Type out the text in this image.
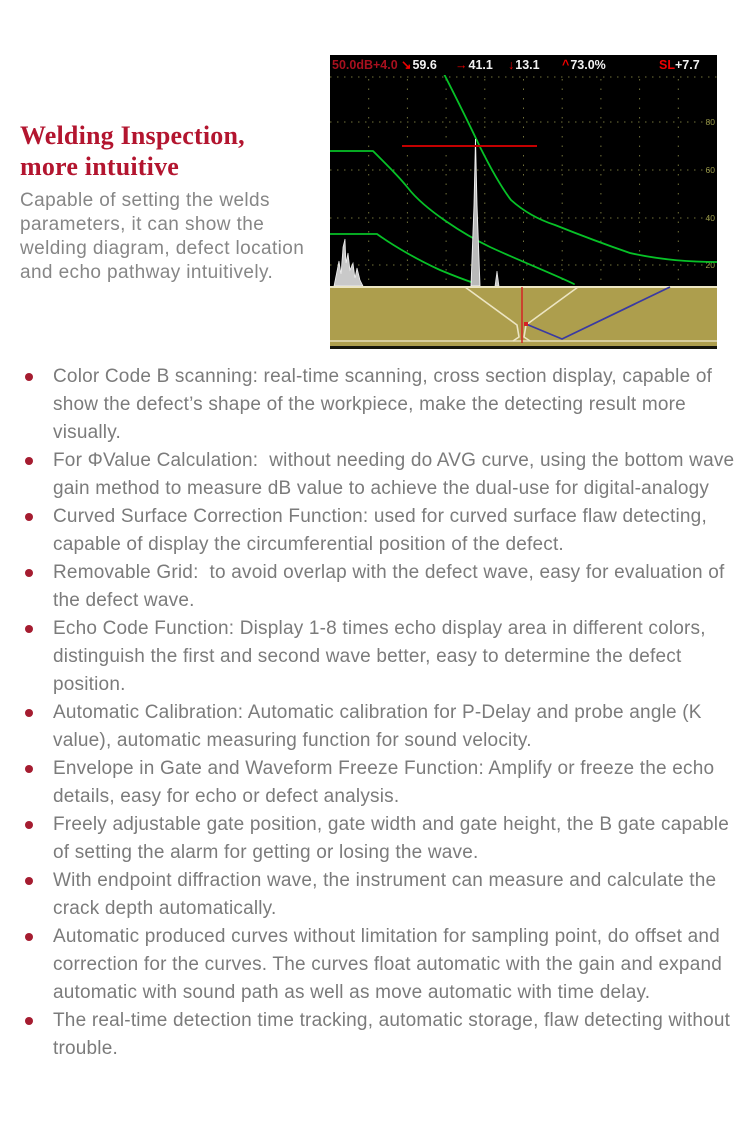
Welding Inspection,
more intuitive
Capable of setting the welds parameters, it can show the welding diagram, defect location and echo pathway intuitively.
50.0dB+4.0 ↘59.6 →41.1 ↓13.1 ^73.0%	SL+7.7
80
60
40
20
Color Code B scanning: real-time scanning, cross section display, capable of show the defect’s shape of the workpiece, make the detecting result more visually.
For ΦValue Calculation:  without needing do AVG curve, using the bottom wave gain method to measure dB value to achieve the dual-use for digital-analogy
Curved Surface Correction Function: used for curved surface flaw detecting, capable of display the circumferential position of the defect.
Removable Grid:  to avoid overlap with the defect wave, easy for evaluation of the defect wave.
Echo Code Function: Display 1-8 times echo display area in different colors, distinguish the first and second wave better, easy to determine the defect position.
Automatic Calibration: Automatic calibration for P-Delay and probe angle (K value), automatic measuring function for sound velocity.
Envelope in Gate and Waveform Freeze Function: Amplify or freeze the echo details, easy for echo or defect analysis.
Freely adjustable gate position, gate width and gate height, the B gate capable of setting the alarm for getting or losing the wave.
With endpoint diffraction wave, the instrument can measure and calculate the crack depth automatically.
Automatic produced curves without limitation for sampling point, do offset and correction for the curves. The curves float automatic with the gain and expand automatic with sound path as well as move automatic with time delay.
The real-time detection time tracking, automatic storage, flaw detecting without trouble.
